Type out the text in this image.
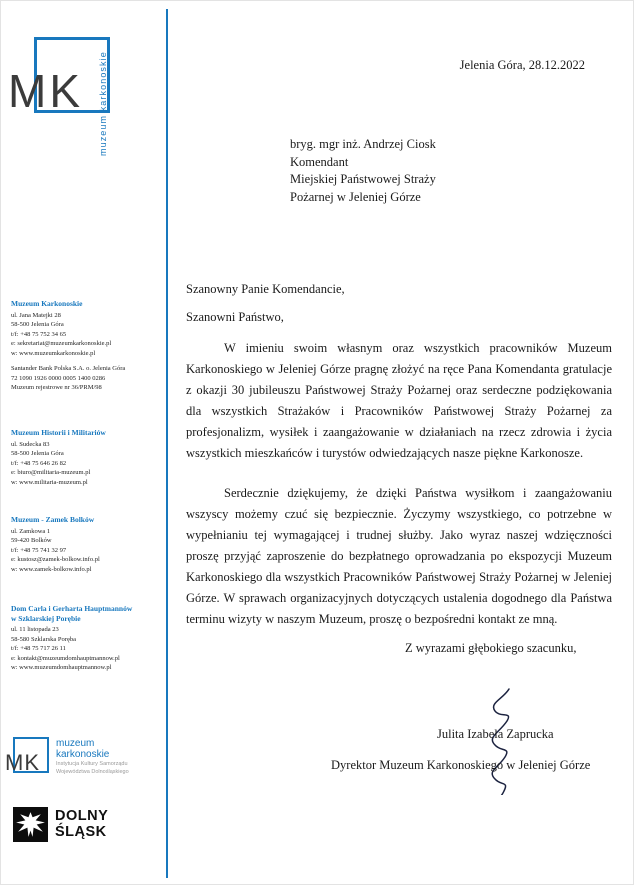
MK muzeum karkonoskie
Muzeum Karkonoskie
ul. Jana Matejki 28
58-500 Jelenia Góra
t/f: +48 75 752 34 65
e: sekretariat@muzeumkarkonoskie.pl
w: www.muzeumkarkonoskie.pl
Santander Bank Polska S.A. o. Jelenia Góra
72 1090 1926 0000 0005 1400 0286
Muzeum rejestrowe nr 36/PRM/98
Muzeum Historii i Militariów
ul. Sudecka 83
58-500 Jelenia Góra
t/f: +48 75 646 26 82
e: biuro@militaria-muzeum.pl
w: www.militaria-muzeum.pl
Muzeum - Zamek Bolków
ul. Zamkowa 1
59-420 Bolków
t/f: +48 75 741 32 97
e: kustosz@zamek-bolkow.info.pl
w: www.zamek-bolkow.info.pl
Dom Carla i Gerharta Hauptmannów
w Szklarskiej Porębie
ul. 11 listopada 23
58-580 Szklarska Poręba
t/f: +48 75 717 26 11
e: kontakt@muzeumdomhauptmannow.pl
w: www.muzeumdomhauptmannow.pl
MK
muzeum
karkonoskie
Instytucja Kultury Samorządu
Województwa Dolnośląskiego
DOLNY
ŚLĄSK
Jelenia Góra, 28.12.2022
bryg. mgr inż. Andrzej Ciosk
Komendant
Miejskiej Państwowej Straży
Pożarnej w Jeleniej Górze

Szanowny Panie Komendancie,

Szanowni Państwo,

W imieniu swoim własnym oraz wszystkich pracowników Muzeum Karkonoskiego w Jeleniej Górze pragnę złożyć na ręce Pana Komendanta gratulacje z okazji 30 jubileuszu Państwowej Straży Pożarnej oraz serdeczne podziękowania dla wszystkich Strażaków i Pracowników Państwowej Straży Pożarnej za profesjonalizm, wysiłek i zaangażowanie w działaniach na rzecz zdrowia i życia wszystkich mieszkańców i turystów odwiedzających nasze piękne Karkonosze.

Serdecznie dziękujemy, że dzięki Państwa wysiłkom i zaangażowaniu wszyscy możemy czuć się bezpiecznie. Życzymy wszystkiego, co potrzebne w wypełnianiu tej wymagającej i trudnej służby. Jako wyraz naszej wdzięczności proszę przyjąć zaproszenie do bezpłatnego oprowadzania po ekspozycji Muzeum Karkonoskiego dla wszystkich Pracowników Państwowej Straży Pożarnej w Jeleniej Górze. W sprawach organizacyjnych dotyczących ustalenia dogodnego dla Państwa terminu wizyty w naszym Muzeum, proszę o bezpośredni kontakt ze mną.

Z wyrazami głębokiego szacunku,
Julita Izabela Zaprucka
Dyrektor Muzeum Karkonoskiego w Jeleniej Górze
